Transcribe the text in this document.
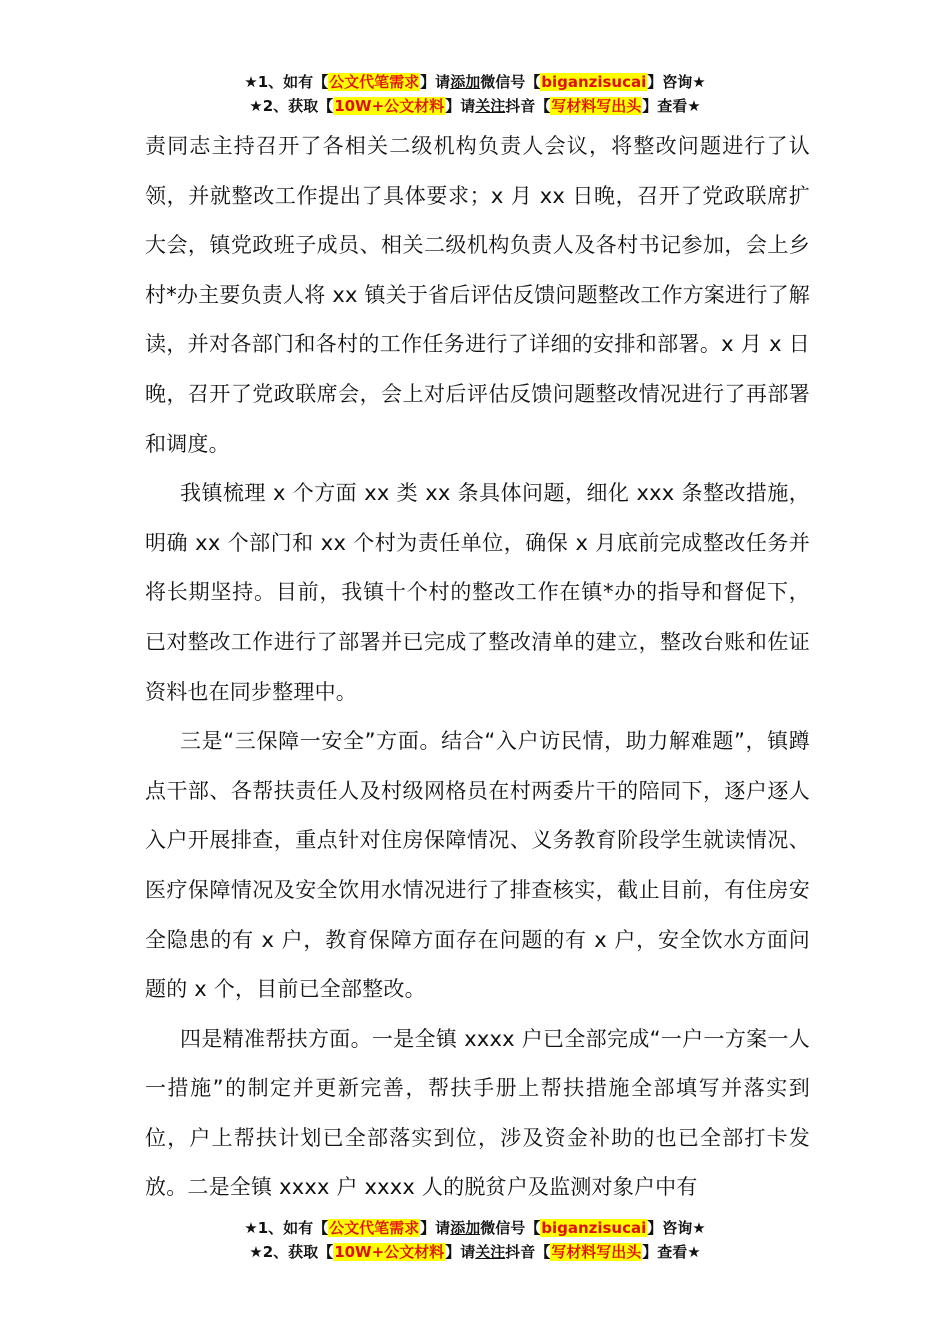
★1、如有【公文代笔需求】请添加微信号【biganzisucai】咨询★
★2、获取【10W+公文材料】请关注抖音【写材料写出头】查看★

责同志主持召开了各相关二级机构负责人会议，将整改问题进行了认领，并就整改工作提出了具体要求；x 月 xx 日晚，召开了党政联席扩大会，镇党政班子成员、相关二级机构负责人及各村书记参加，会上乡村*办主要负责人将 xx 镇关于省后评估反馈问题整改工作方案进行了解读，并对各部门和各村的工作任务进行了详细的安排和部署。x 月 x 日晚，召开了党政联席会，会上对后评估反馈问题整改情况进行了再部署和调度。

我镇梳理 x 个方面 xx 类 xx 条具体问题，细化 xxx 条整改措施，明确 xx 个部门和 xx 个村为责任单位，确保 x 月底前完成整改任务并将长期坚持。目前，我镇十个村的整改工作在镇*办的指导和督促下，已对整改工作进行了部署并已完成了整改清单的建立，整改台账和佐证资料也在同步整理中。

三是“三保障一安全”方面。结合“入户访民情，助力解难题”，镇蹲点干部、各帮扶责任人及村级网格员在村两委片干的陪同下，逐户逐人入户开展排查，重点针对住房保障情况、义务教育阶段学生就读情况、医疗保障情况及安全饮用水情况进行了排查核实，截止目前，有住房安全隐患的有 x 户，教育保障方面存在问题的有 x 户，安全饮水方面问题的 x 个，目前已全部整改。

四是精准帮扶方面。一是全镇 xxxx 户已全部完成“一户一方案一人一措施”的制定并更新完善，帮扶手册上帮扶措施全部填写并落实到位，户上帮扶计划已全部落实到位，涉及资金补助的也已全部打卡发放。二是全镇 xxxx 户 xxxx 人的脱贫户及监测对象户中有

★1、如有【公文代笔需求】请添加微信号【biganzisucai】咨询★
★2、获取【10W+公文材料】请关注抖音【写材料写出头】查看★
